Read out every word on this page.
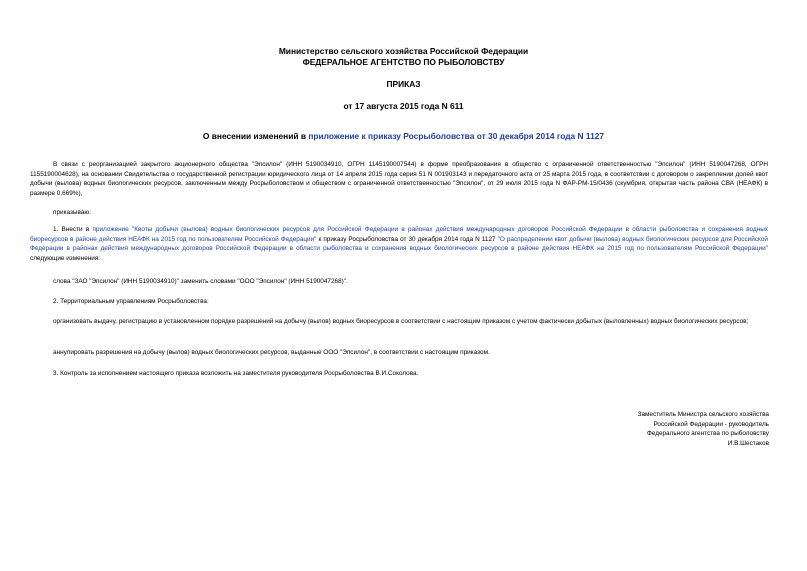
Министерство сельского хозяйства Российской Федерации
ФЕДЕРАЛЬНОЕ АГЕНТСТВО ПО РЫБОЛОВСТВУ
ПРИКАЗ
от 17 августа 2015 года N 611
О внесении изменений в приложение к приказу Росрыболовства от 30 декабря 2014 года N 1127
В связи с реорганизацией закрытого акционерного общества "Эпсилон" (ИНН 5190034910, ОГРН 1145190007544) в форме преобразования в общество с ограниченной ответственностью "Эпсилон" (ИНН 5190047268, ОГРН 1155190004628), на основании Свидетельства о государственной регистрации юридического лица от 14 апреля 2015 года серия 51 N 001903143 и передаточного акта от 25 марта 2015 года, в соответствии с договором о закреплении долей квот добычи (вылова) водных биологических ресурсов, заключенным между Росрыболовством и обществом с ограниченной ответственностью "Эпсилон", от 29 июля 2015 года N ФАР-РМ-15/0436 (скумбрия, открытая часть района СВА (НЕАФК) в размере 0,669%),
приказываю:
1. Внести в приложение "Квоты добычи (вылова) водных биологических ресурсов для Российской Федерации в районах действия международных договоров Российской Федерации в области рыболовства и сохранения водных биоресурсов в районе действия НЕАФК на 2015 год по пользователям Российской Федерации" к приказу Росрыболовства от 30 декабря 2014 года N 1127 "О распределении квот добычи (вылова) водных биологических ресурсов для Российской Федерации в районах действия международных договоров Российской Федерации в области рыболовства и сохранения водных биологических ресурсов в районе действия НЕАФК на 2015 год по пользователям Российской Федерации" следующие изменения:
слова "ЗАО "Эпсилон" (ИНН 5190034910)" заменить словами "ООО "Эпсилон" (ИНН 5190047268)".
2. Территориальным управлениям Росрыболовства:
организовать выдачу, регистрацию в установленном порядке разрешений на добычу (вылов) водных биоресурсов в соответствии с настоящим приказом с учетом фактически добытых (выловленных) водных биологических ресурсов;
аннулировать разрешения на добычу (вылов) водных биологических ресурсов, выданные ООО "Эпсилон", в соответствии с настоящим приказом.
3. Контроль за исполнением настоящего приказа возложить на заместителя руководителя Росрыболовства В.И.Соколова.
Заместитель Министра сельского хозяйства
Российской Федерации - руководитель
Федерального агентства по рыболовству
И.В.Шестаков
